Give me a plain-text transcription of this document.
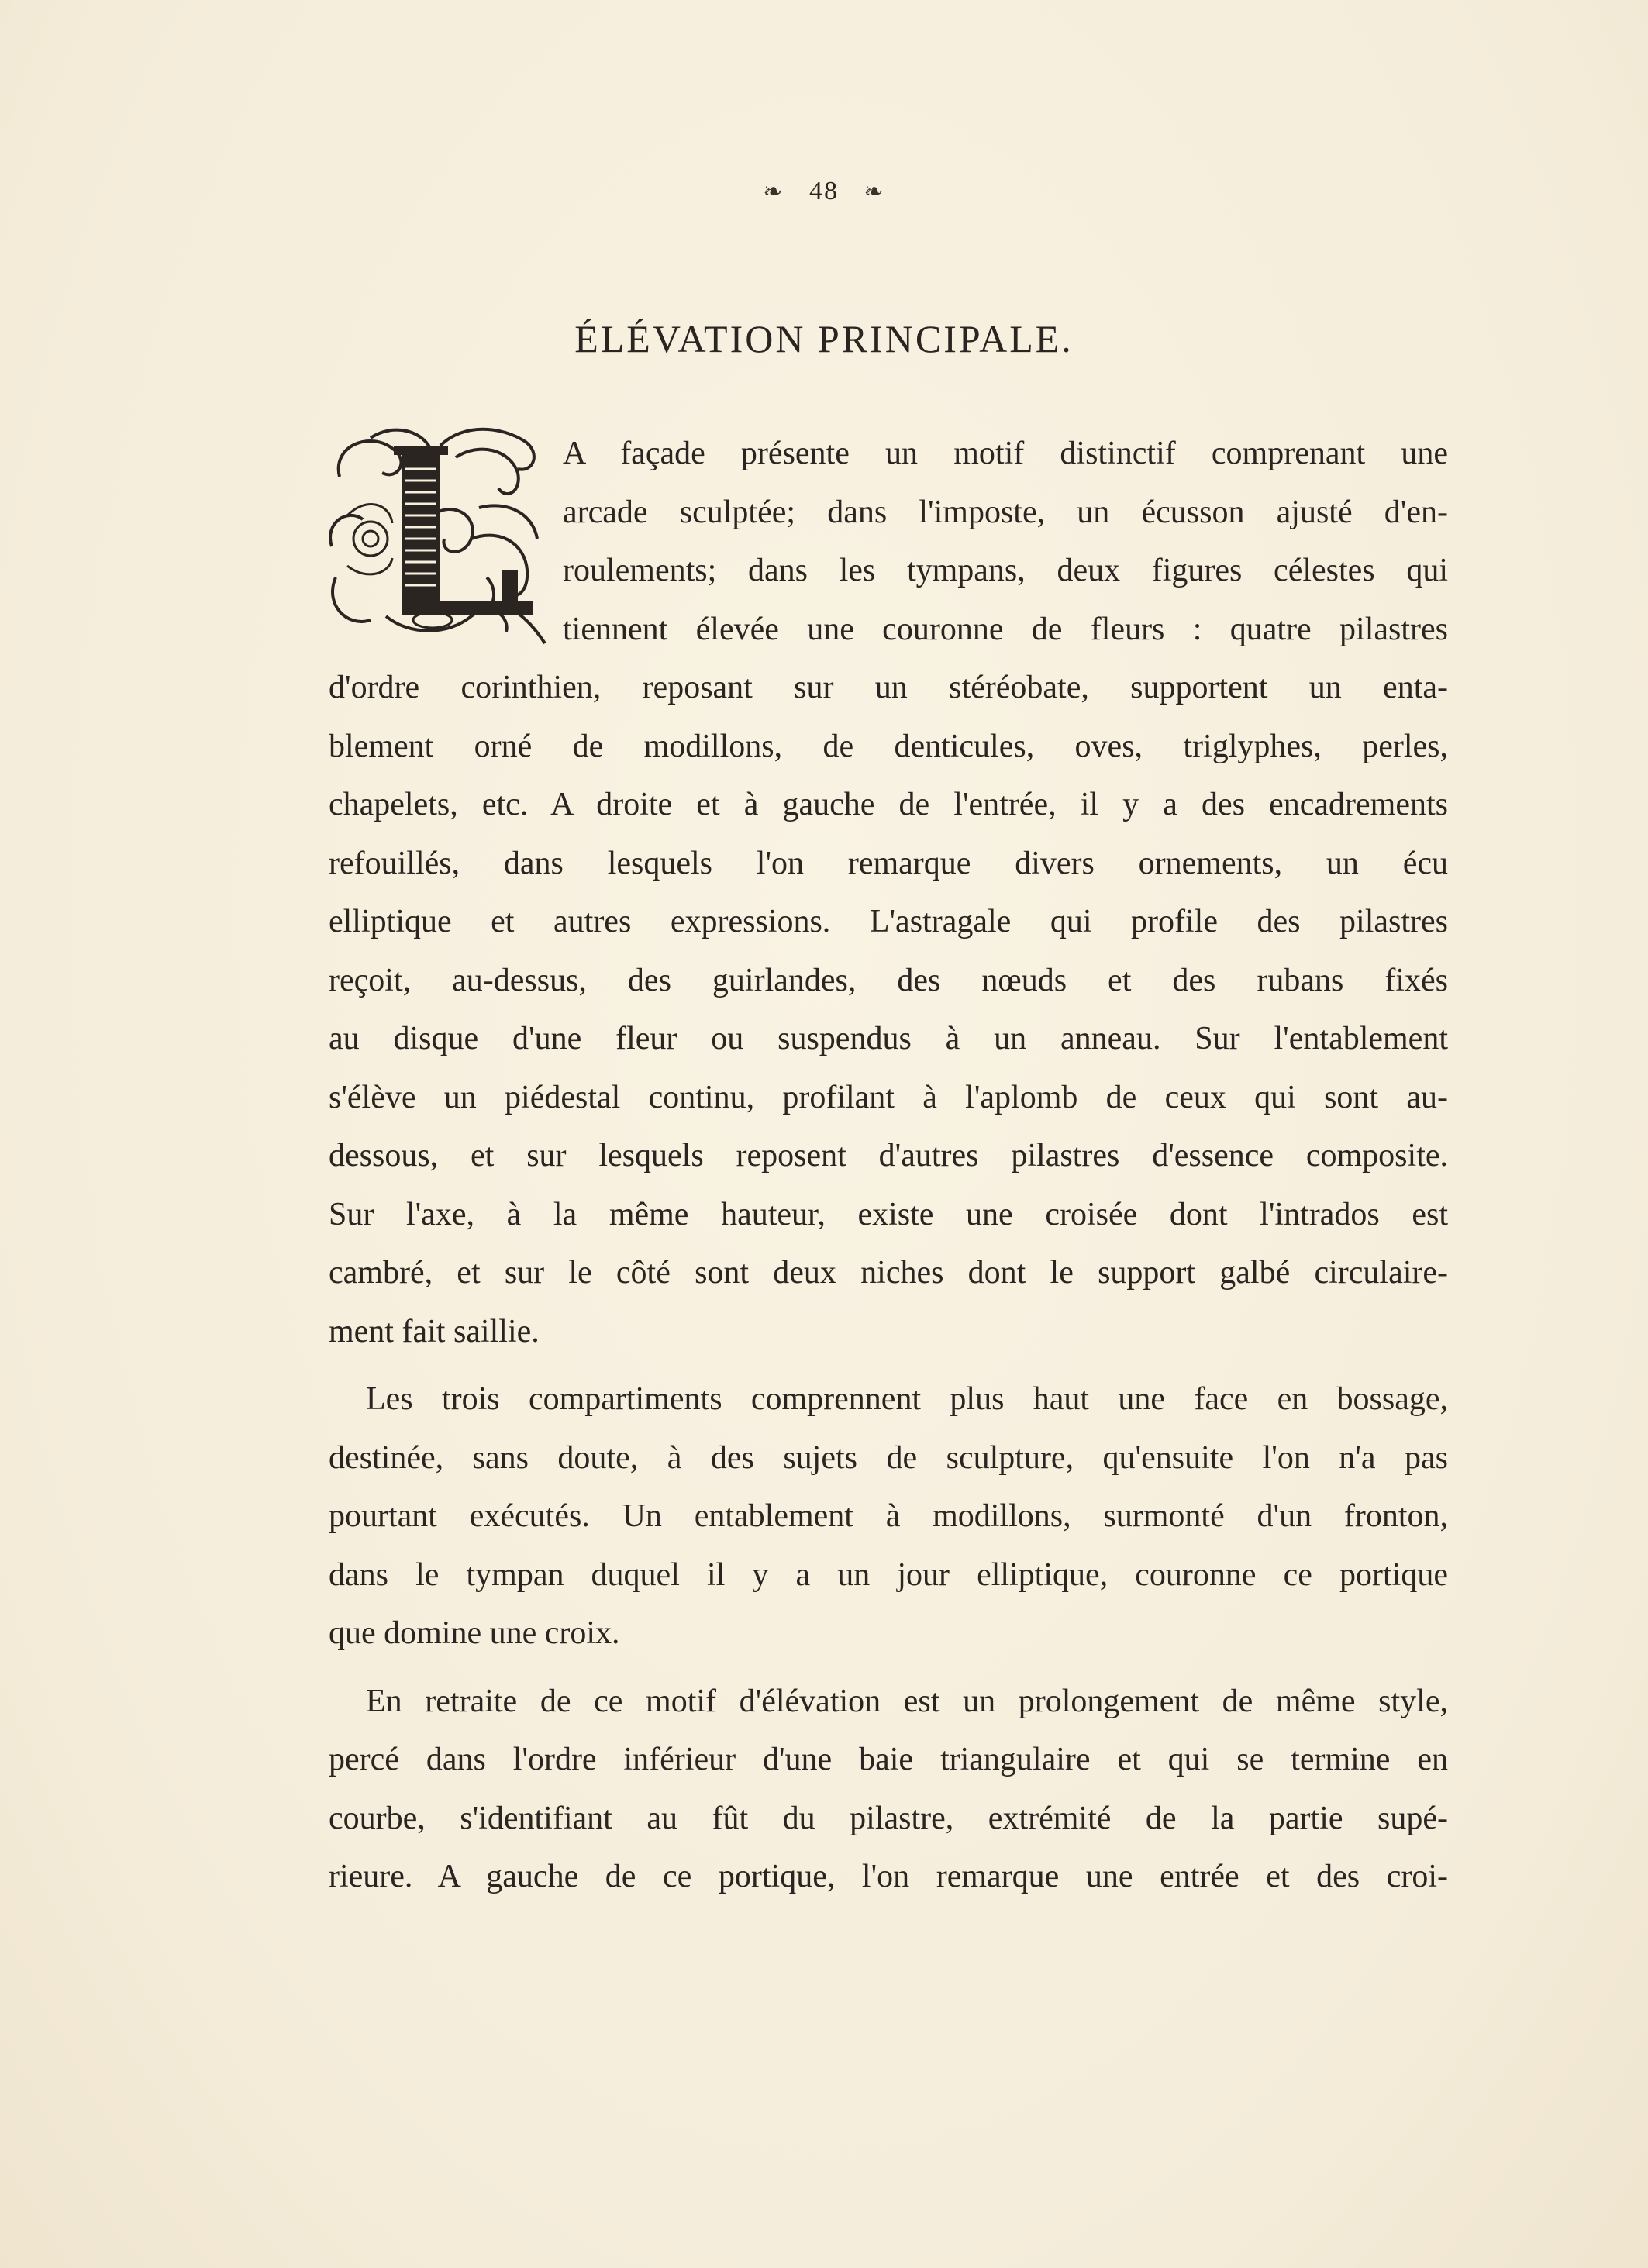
❧ 48 ❧
ÉLÉVATION PRINCIPALE.
A façade présente un motif distinctif comprenant une
arcade sculptée; dans l'imposte, un écusson ajusté d'en-
roulements; dans les tympans, deux figures célestes qui
tiennent élevée une couronne de fleurs : quatre pilastres
d'ordre corinthien, reposant sur un stéréobate, supportent un enta-
blement orné de modillons, de denticules, oves, triglyphes, perles,
chapelets, etc. A droite et à gauche de l'entrée, il y a des encadrements
refouillés, dans lesquels l'on remarque divers ornements, un écu
elliptique et autres expressions. L'astragale qui profile des pilastres
reçoit, au-dessus, des guirlandes, des nœuds et des rubans fixés
au disque d'une fleur ou suspendus à un anneau. Sur l'entablement
s'élève un piédestal continu, profilant à l'aplomb de ceux qui sont au-
dessous, et sur lesquels reposent d'autres pilastres d'essence composite.
Sur l'axe, à la même hauteur, existe une croisée dont l'intrados est
cambré, et sur le côté sont deux niches dont le support galbé circulaire-
ment fait saillie.
Les trois compartiments comprennent plus haut une face en bossage,
destinée, sans doute, à des sujets de sculpture, qu'ensuite l'on n'a pas
pourtant exécutés. Un entablement à modillons, surmonté d'un fronton,
dans le tympan duquel il y a un jour elliptique, couronne ce portique
que domine une croix.
En retraite de ce motif d'élévation est un prolongement de même style,
percé dans l'ordre inférieur d'une baie triangulaire et qui se termine en
courbe, s'identifiant au fût du pilastre, extrémité de la partie supé-
rieure. A gauche de ce portique, l'on remarque une entrée et des croi-
